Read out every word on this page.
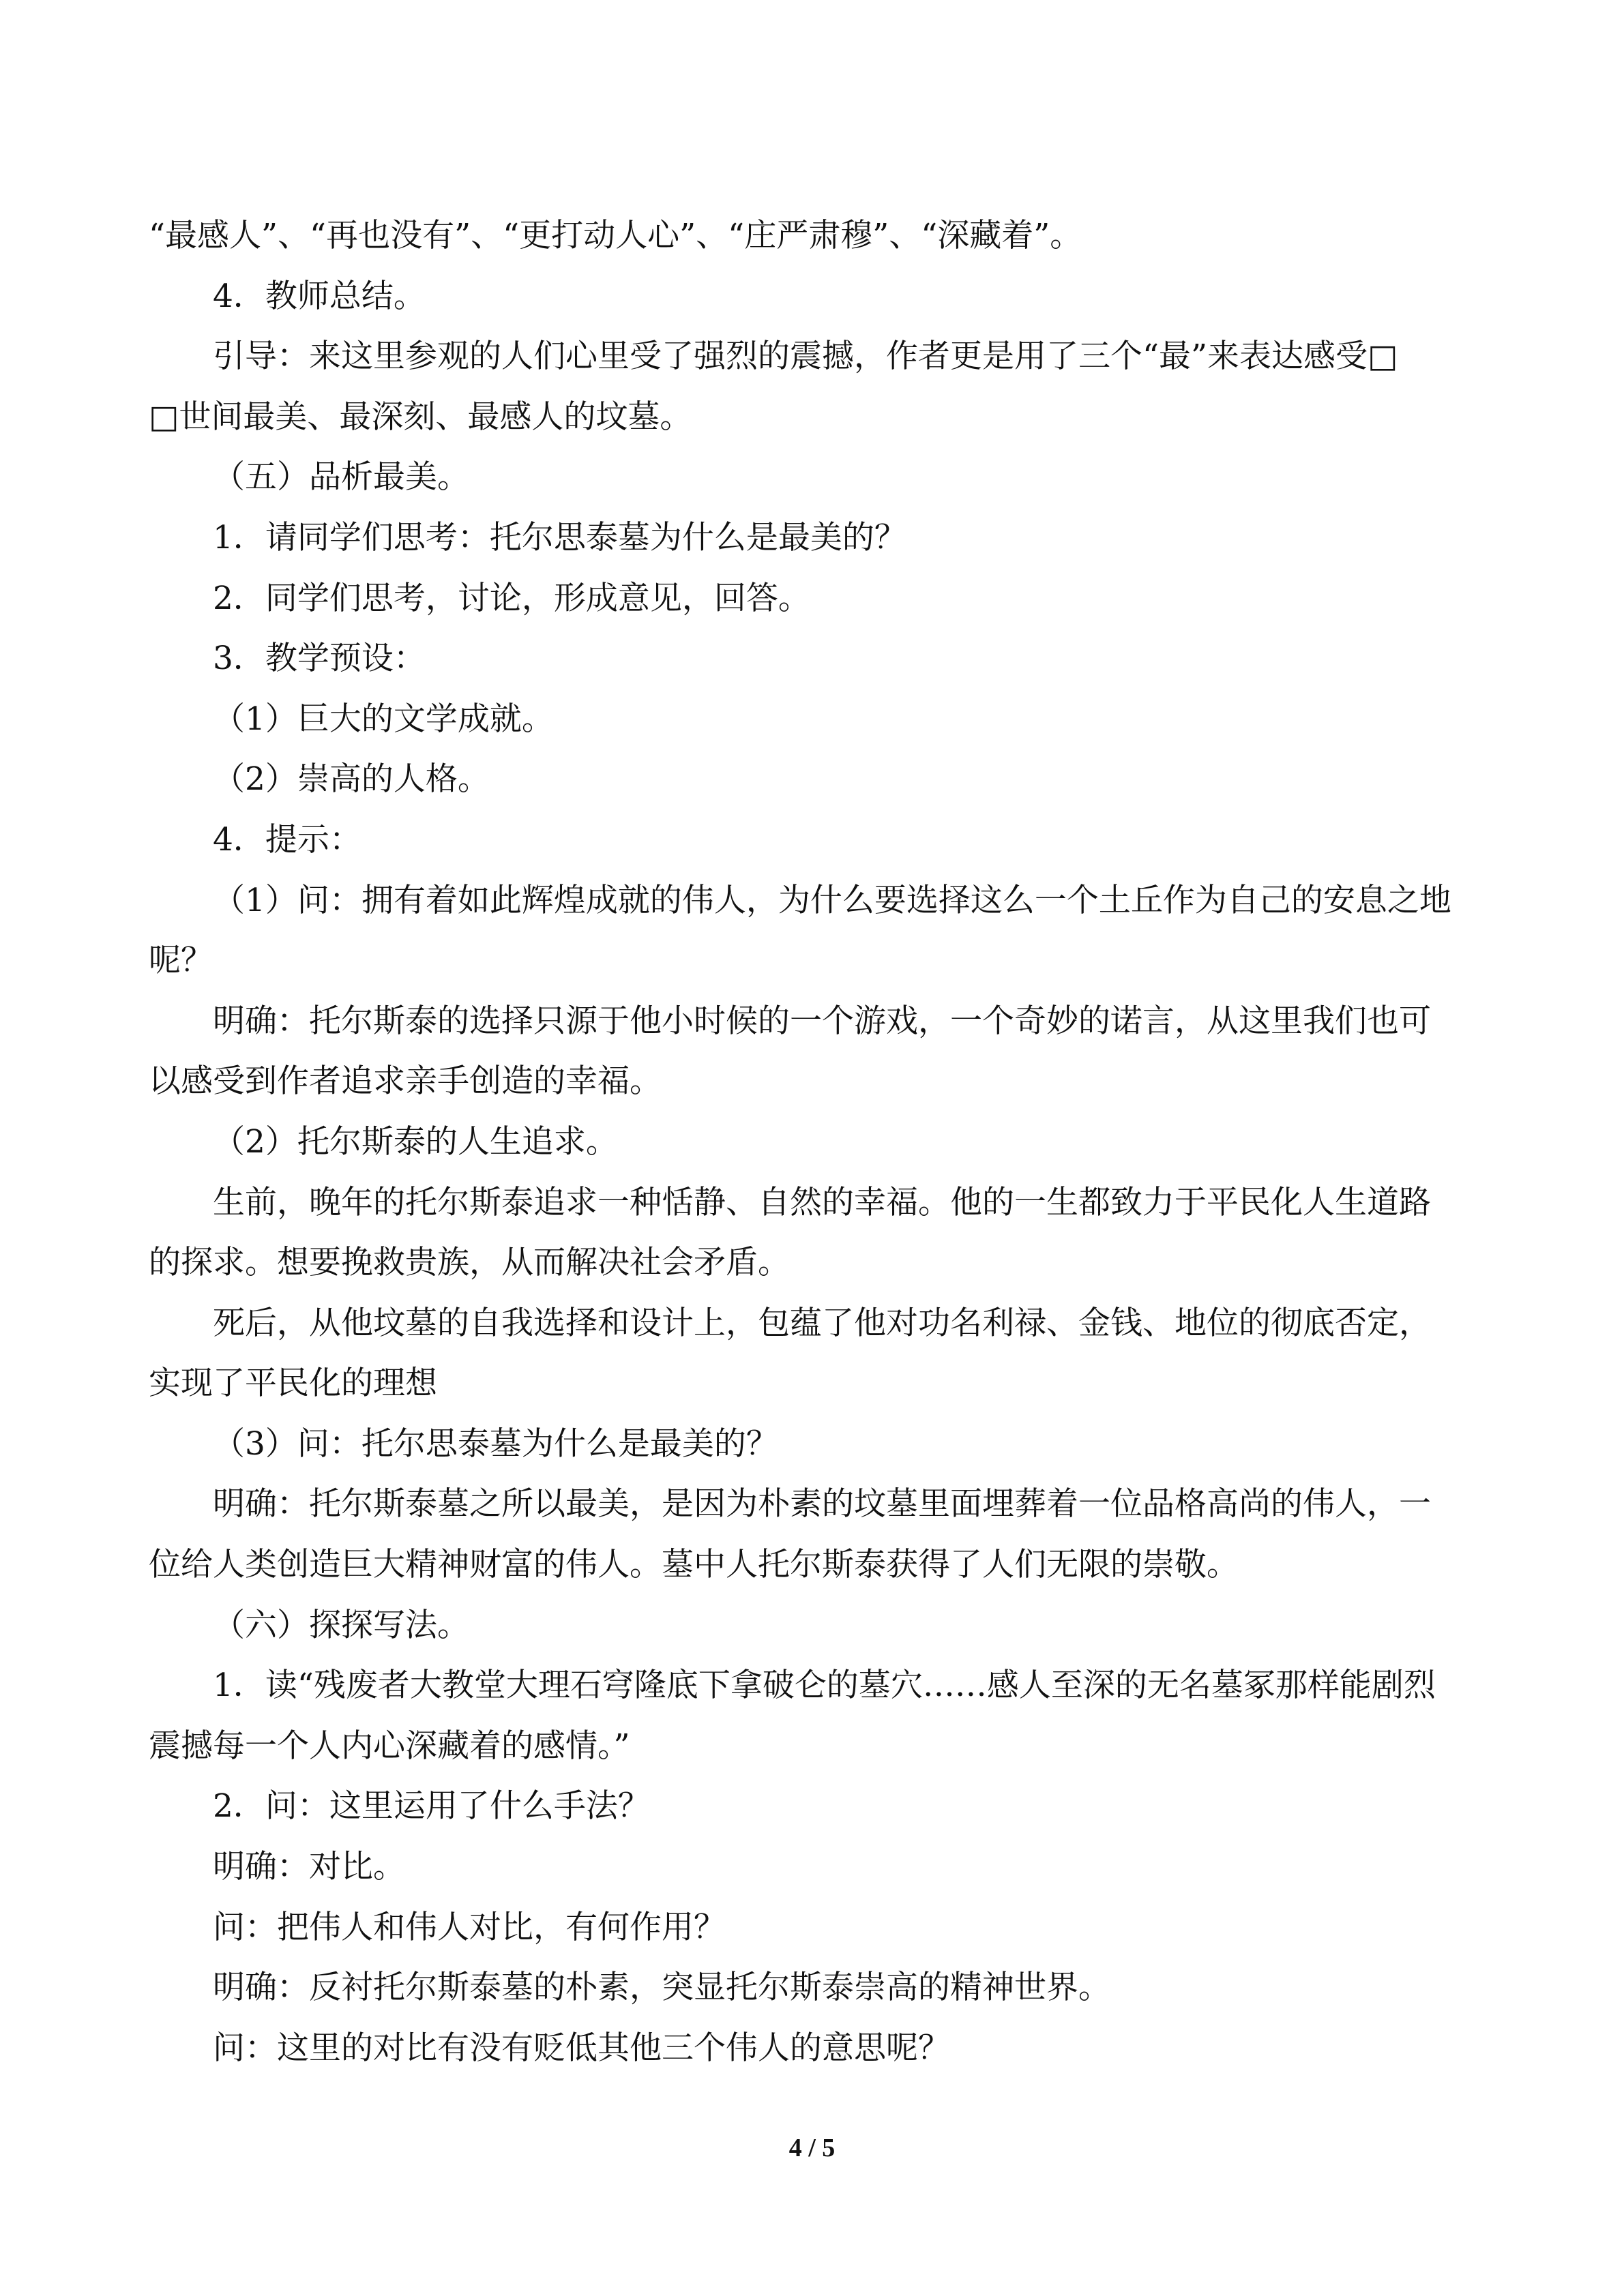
“最感人”、“再也没有”、“更打动人心”、“庄严肃穆”、“深藏着”。
4．教师总结。
引导：来这里参观的人们心里受了强烈的震撼，作者更是用了三个“最”来表达感受□
□世间最美、最深刻、最感人的坟墓。
（五）品析最美。
1．请同学们思考：托尔思泰墓为什么是最美的？
2．同学们思考，讨论，形成意见，回答。
3．教学预设：
（1）巨大的文学成就。
（2）崇高的人格。
4．提示：
（1）问：拥有着如此辉煌成就的伟人，为什么要选择这么一个土丘作为自己的安息之地
呢？
明确：托尔斯泰的选择只源于他小时候的一个游戏，一个奇妙的诺言，从这里我们也可
以感受到作者追求亲手创造的幸福。
（2）托尔斯泰的人生追求。
生前，晚年的托尔斯泰追求一种恬静、自然的幸福。他的一生都致力于平民化人生道路
的探求。想要挽救贵族，从而解决社会矛盾。
死后，从他坟墓的自我选择和设计上，包蕴了他对功名利禄、金钱、地位的彻底否定，
实现了平民化的理想
（3）问：托尔思泰墓为什么是最美的？
明确：托尔斯泰墓之所以最美，是因为朴素的坟墓里面埋葬着一位品格高尚的伟人，一
位给人类创造巨大精神财富的伟人。墓中人托尔斯泰获得了人们无限的崇敬。
（六）探探写法。
1．读“残废者大教堂大理石穹隆底下拿破仑的墓穴……感人至深的无名墓冢那样能剧烈
震撼每一个人内心深藏着的感情。”
2．问：这里运用了什么手法？
明确：对比。
问：把伟人和伟人对比，有何作用？
明确：反衬托尔斯泰墓的朴素，突显托尔斯泰崇高的精神世界。
问：这里的对比有没有贬低其他三个伟人的意思呢？
4 / 5
